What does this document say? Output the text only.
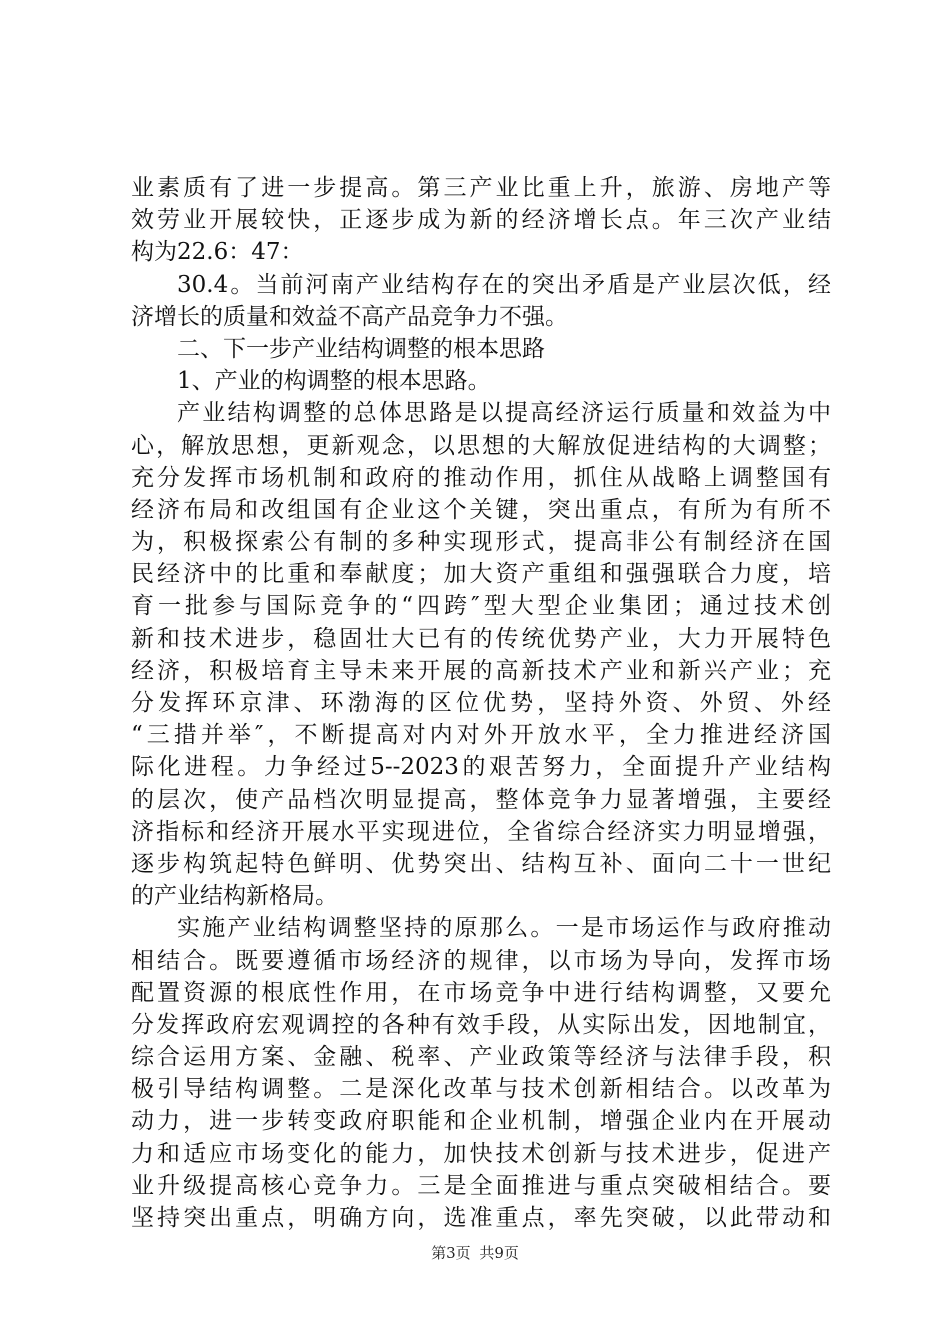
业素质有了进一步提高。第三产业比重上升，旅游、房地产等
效劳业开展较快，正逐步成为新的经济增长点。年三次产业结
构为22.6：47：
30.4。当前河南产业结构存在的突出矛盾是产业层次低，经
济增长的质量和效益不高产品竞争力不强。
二、下一步产业结构调整的根本思路
1、产业的构调整的根本思路。
产业结构调整的总体思路是以提高经济运行质量和效益为中
心，解放思想，更新观念，以思想的大解放促进结构的大调整；
充分发挥市场机制和政府的推动作用，抓住从战略上调整国有
经济布局和改组国有企业这个关键，突出重点，有所为有所不
为，积极探索公有制的多种实现形式，提高非公有制经济在国
民经济中的比重和奉献度；加大资产重组和强强联合力度，培
育一批参与国际竞争的“四跨″型大型企业集团；通过技术创
新和技术进步，稳固壮大已有的传统优势产业，大力开展特色
经济，积极培育主导未来开展的高新技术产业和新兴产业；充
分发挥环京津、环渤海的区位优势，坚持外资、外贸、外经
“三措并举″，不断提高对内对外开放水平，全力推进经济国
际化进程。力争经过5--2023的艰苦努力，全面提升产业结构
的层次，使产品档次明显提高，整体竞争力显著增强，主要经
济指标和经济开展水平实现进位，全省综合经济实力明显增强，
逐步构筑起特色鲜明、优势突出、结构互补、面向二十一世纪
的产业结构新格局。
实施产业结构调整坚持的原那么。一是市场运作与政府推动
相结合。既要遵循市场经济的规律，以市场为导向，发挥市场
配置资源的根底性作用，在市场竞争中进行结构调整，又要允
分发挥政府宏观调控的各种有效手段，从实际出发，因地制宜，
综合运用方案、金融、税率、产业政策等经济与法律手段，积
极引导结构调整。二是深化改革与技术创新相结合。以改革为
动力，进一步转变政府职能和企业机制，增强企业内在开展动
力和适应市场变化的能力，加快技术创新与技术进步，促进产
业升级提高核心竞争力。三是全面推进与重点突破相结合。要
坚持突出重点，明确方向，选准重点，率先突破，以此带动和
第3页 共9页
